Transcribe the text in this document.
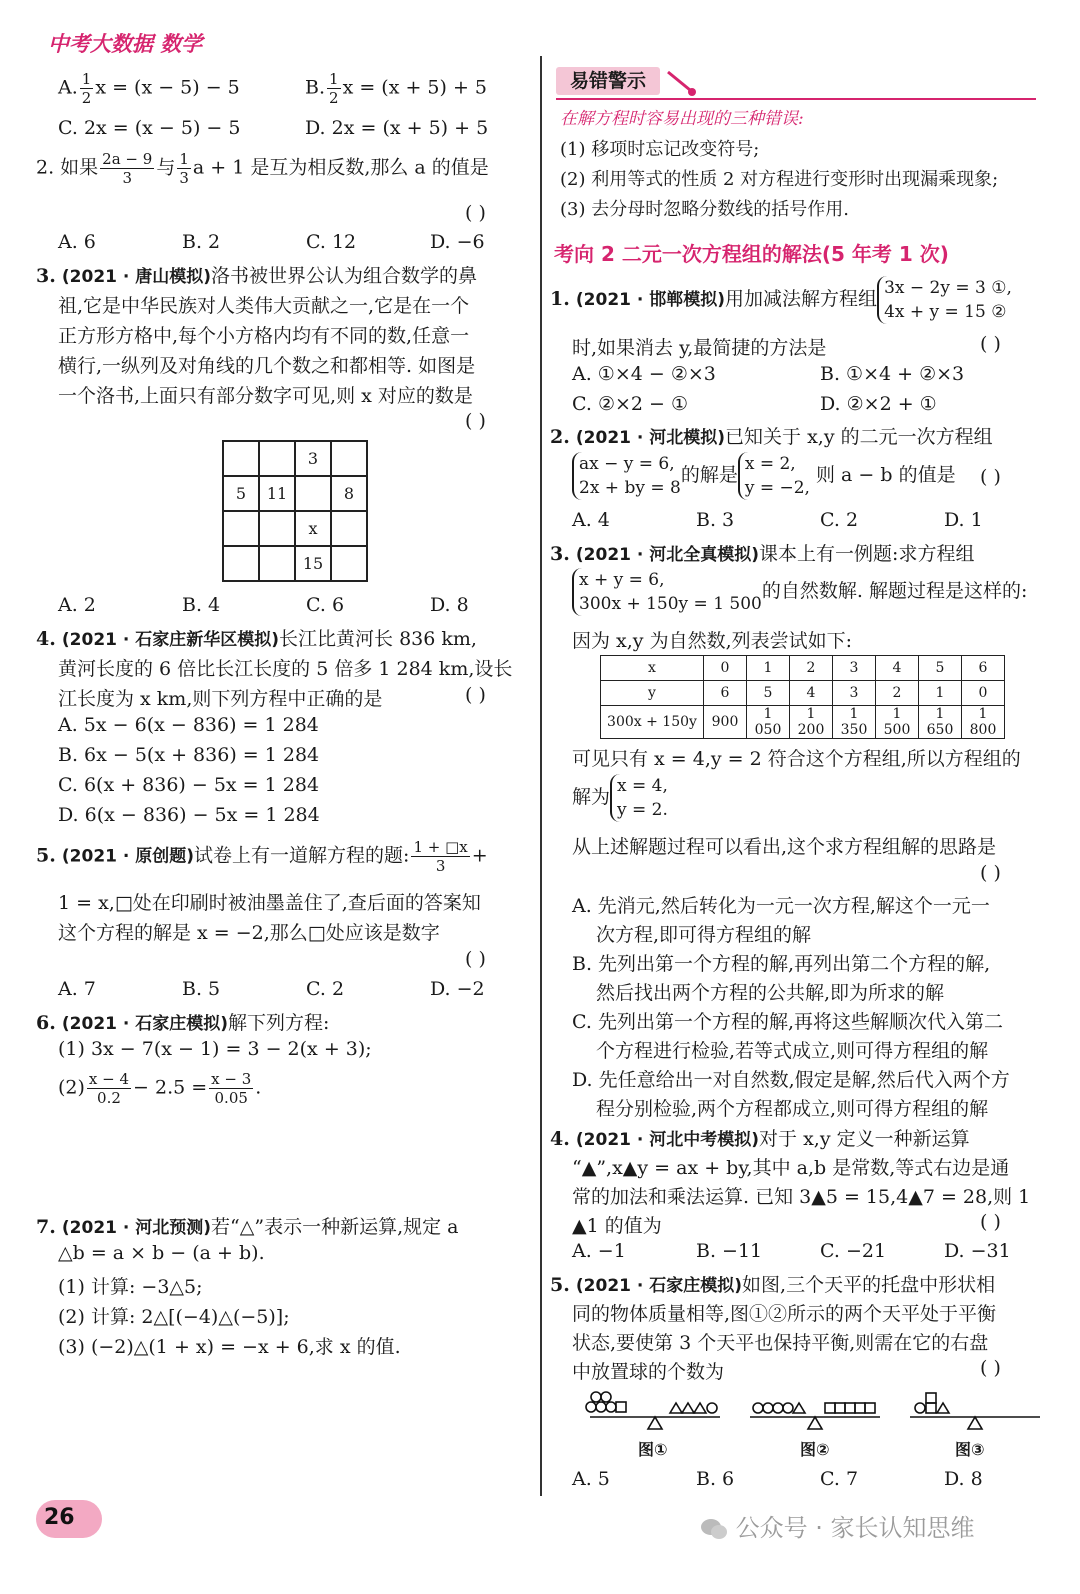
中考大数据 数学
A. $\frac{1}{2}$ x = (x − 5) − 5	B. $\frac{1}{2}$ x = (x + 5) + 5
C. 2x = (x − 5) − 5	D. 2x = (x + 5) + 5
2. 如果 $\frac{2a - 9}{3}$ 与 $\frac{1}{3}$ a + 1 是互为相反数,那么 a 的值是
( )
A. 6	B. 2	C. 12	D. −6
3. (2021 · 唐山模拟)洛书被世界公认为组合数学的鼻
祖,它是中华民族对人类伟大贡献之一,它是在一个
正方形方格中,每个小方格内均有不同的数,任意一
横行,一纵列及对角线的几个数之和都相等. 如图是
一个洛书,上面只有部分数字可见,则 x 对应的数是
( )
		3	
5	11		8
		x	
		15	
A. 2	B. 4	C. 6	D. 8
4. (2021 · 石家庄新华区模拟)长江比黄河长 836 km,
黄河长度的 6 倍比长江长度的 5 倍多 1 284 km,设长
江长度为 x km,则下列方程中正确的是	( )
A. 5x − 6(x − 836) = 1 284
B. 6x − 5(x + 836) = 1 284
C. 6(x + 836) − 5x = 1 284
D. 6(x − 836) − 5x = 1 284
5. (2021 · 原创题)试卷上有一道解方程的题: $\frac{1 + □x}{3}$ +
1 = x,□处在印刷时被油墨盖住了,查后面的答案知
这个方程的解是 x = −2,那么□处应该是数字
( )
A. 7	B. 5	C. 2	D. −2
6. (2021 · 石家庄模拟)解下列方程:
(1) 3x − 7(x − 1) = 3 − 2(x + 3);
$(2) \frac{x - 4}{0.2} - 2.5 = \frac{x - 3}{0.05}$ .
7. (2021 · 河北预测)若“△”表示一种新运算,规定 a
△b = a × b − (a + b).
(1) 计算: −3△5;
(2) 计算: 2△[(−4)△(−5)];
(3) (−2)△(1 + x) = −x + 6,求 x 的值.
易错警示
在解方程时容易出现的三种错误:
(1) 移项时忘记改变符号;
(2) 利用等式的性质 2 对方程进行变形时出现漏乘现象;
(3) 去分母时忽略分数线的括号作用.
考向 2 二元一次方程组的解法(5 年考 1 次)
1. (2021 · 邯郸模拟)用加减法解方程组 3x − 2y = 3 ①,
4x + y = 15 ②
时,如果消去 y,最简捷的方法是	( )
A. ①×4 − ②×3	B. ①×4 + ②×3
C. ②×2 − ①	D. ②×2 + ①
2. (2021 · 河北模拟)已知关于 x,y 的二元一次方程组
ax − y = 6,
2x + by = 8的解是 x = 2,
y = −2, 则 a − b 的值是 ( )
A. 4	B. 3	C. 2	D. 1
3. (2021 · 河北全真模拟)课本上有一例题:求方程组
x + y = 6,
300x + 150y = 1 500的自然数解. 解题过程是这样的:
因为 x,y 为自然数,列表尝试如下:
x	0	1	2	3	4	5	6
y	6	5	4	3	2	1	0
300x + 150y	900	1 050	1 200	1 350	1 500	1 650	1 800
可见只有 x = 4,y = 2 符合这个方程组,所以方程组的
解为 x = 4,
y = 2.
从上述解题过程可以看出,这个求方程组解的思路是
( )
A. 先消元,然后转化为一元一次方程,解这个一元一
次方程,即可得方程组的解
B. 先列出第一个方程的解,再列出第二个方程的解,
然后找出两个方程的公共解,即为所求的解
C. 先列出第一个方程的解,再将这些解顺次代入第二
个方程进行检验,若等式成立,则可得方程组的解
D. 先任意给出一对自然数,假定是解,然后代入两个方
程分别检验,两个方程都成立,则可得方程组的解
4. (2021 · 河北中考模拟)对于 x,y 定义一种新运算
“▲”,x▲y = ax + by,其中 a,b 是常数,等式右边是通
常的加法和乘法运算. 已知 3▲5 = 15,4▲7 = 28,则 1
▲1 的值为	( )
A. −1	B. −11	C. −21	D. −31
5. (2021 · 石家庄模拟)如图,三个天平的托盘中形状相
同的物体质量相等,图①②所示的两个天平处于平衡
状态,要使第 3 个天平也保持平衡,则需在它的右盘
中放置球的个数为	( )
图①	图②	图③
A. 5	B. 6	C. 7	D. 8
26	公众号 · 家长认知思维
